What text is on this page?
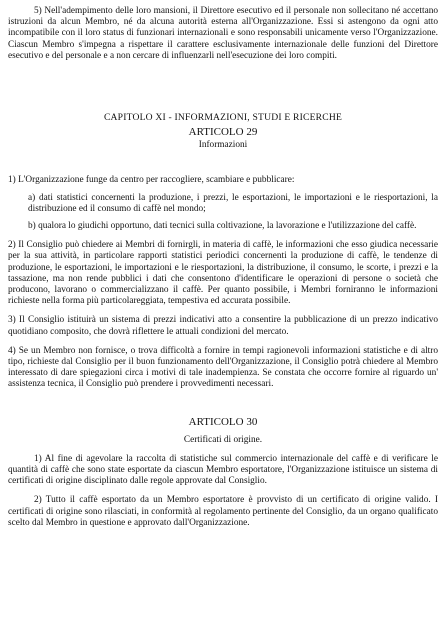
5) Nell'adempimento delle loro mansioni, il Direttore esecutivo ed il personale non sollecitano né accettano istruzioni da alcun Membro, né da alcuna autorità esterna all'Organizzazione. Essi si astengono da ogni atto incompatibile con il loro status di funzionari internazionali e sono responsabili unicamente verso l'Organizzazione. Ciascun Membro s'impegna a rispettare il carattere esclusivamente internazionale delle funzioni del Direttore esecutivo e del personale e a non cercare di influenzarli nell'esecuzione dei loro compiti.

CAPITOLO XI - INFORMAZIONI, STUDI E RICERCHE

ARTICOLO 29

Informazioni

1) L'Organizzazione funge da centro per raccogliere, scambiare e pubblicare:

a) dati statistici concernenti la produzione, i prezzi, le esportazioni, le importazioni e le riesportazioni, la distribuzione ed il consumo di caffè nel mondo;

b) qualora lo giudichi opportuno, dati tecnici sulla coltivazione, la lavorazione e l'utilizzazione del caffè.

2) Il Consiglio può chiedere ai Membri di fornirgli, in materia di caffè, le informazioni che esso giudica necessarie per la sua attività, in particolare rapporti statistici periodici concernenti la produzione di caffè, le tendenze di produzione, le esportazioni, le importazioni e le riesportazioni, la distribuzione, il consumo, le scorte, i prezzi e la tassazione, ma non rende pubblici i dati che consentono d'identificare le operazioni di persone o società che producono, lavorano o commercializzano il caffè. Per quanto possibile, i Membri forniranno le informazioni richieste nella forma più particolareggiata, tempestiva ed accurata possibile.

3) Il Consiglio istituirà un sistema di prezzi indicativi atto a consentire la pubblicazione di un prezzo indicativo quotidiano composito, che dovrà riflettere le attuali condizioni del mercato.

4) Se un Membro non fornisce, o trova difficoltà a fornire in tempi ragionevoli informazioni statistiche e di altro tipo, richieste dal Consiglio per il buon funzionamento dell'Organizzazione, il Consiglio potrà chiedere al Membro interessato di dare spiegazioni circa i motivi di tale inadempienza. Se constata che occorre fornire al riguardo un' assistenza tecnica, il Consiglio può prendere i provvedimenti necessari.

ARTICOLO 30

Certificati di origine.

1) Al fine di agevolare la raccolta di statistiche sul commercio internazionale del caffè e di verificare le quantità di caffè che sono state esportate da ciascun Membro esportatore, l'Organizzazione istituisce un sistema di certificati di origine disciplinato dalle regole approvate dal Consiglio.

2) Tutto il caffè esportato da un Membro esportatore è provvisto di un certificato di origine valido. I certificati di origine sono rilasciati, in conformità al regolamento pertinente del Consiglio, da un organo qualificato scelto dal Membro in questione e approvato dall'Organizzazione.
